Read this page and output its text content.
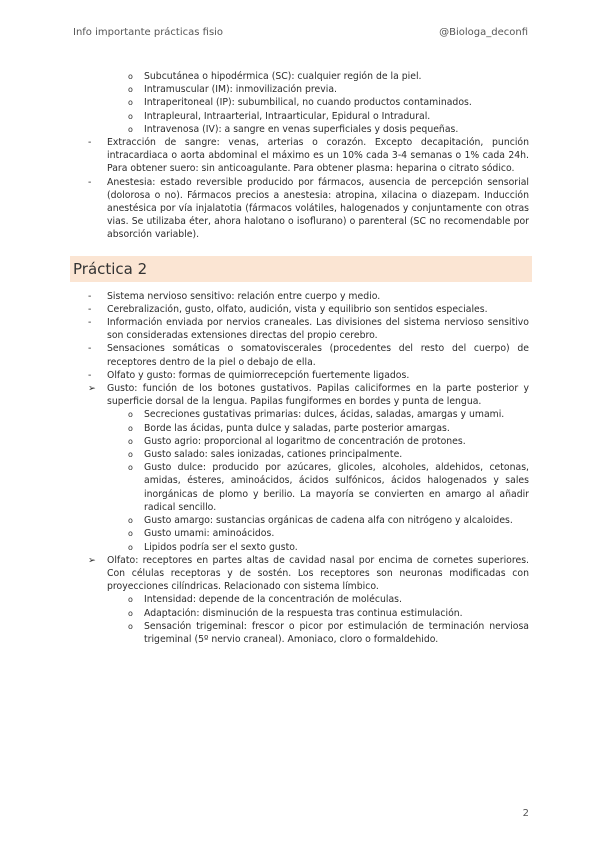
Info importante prácticas fisio	@Biologa_deconfi
o Subcutánea o hipodérmica (SC): cualquier región de la piel.
o Intramuscular (IM): inmovilización previa.
o Intraperitoneal (IP): subumbilical, no cuando productos contaminados.
o Intrapleural, Intraarterial, Intraarticular, Epidural o Intradural.
o Intravenosa (IV): a sangre en venas superficiales y dosis pequeñas.
- Extracción de sangre: venas, arterias o corazón. Excepto decapitación, punción intracardiaca o aorta abdominal el máximo es un 10% cada 3-4 semanas o 1% cada 24h. Para obtener suero: sin anticoagulante. Para obtener plasma: heparina o citrato sódico.
- Anestesia: estado reversible producido por fármacos, ausencia de percepción sensorial (dolorosa o no). Fármacos precios a anestesia: atropina, xilacina o diazepam. Inducción anestésica por vía injalatotia (fármacos volátiles, halogenados y conjuntamente con otras vias. Se utilizaba éter, ahora halotano o isoflurano) o parenteral (SC no recomendable por absorción variable).
Práctica 2
- Sistema nervioso sensitivo: relación entre cuerpo y medio.
- Cerebralización, gusto, olfato, audición, vista y equilibrio son sentidos especiales.
- Información enviada por nervios craneales. Las divisiones del sistema nervioso sensitivo son consideradas extensiones directas del propio cerebro.
- Sensaciones somáticas o somatoviscerales (procedentes del resto del cuerpo) de receptores dentro de la piel o debajo de ella.
- Olfato y gusto: formas de quimiorrecepción fuertemente ligados.
➢ Gusto: función de los botones gustativos. Papilas caliciformes en la parte posterior y superficie dorsal de la lengua. Papilas fungiformes en bordes y punta de lengua.
o Secreciones gustativas primarias: dulces, ácidas, saladas, amargas y umami.
o Borde las ácidas, punta dulce y saladas, parte posterior amargas.
o Gusto agrio: proporcional al logaritmo de concentración de protones.
o Gusto salado: sales ionizadas, cationes principalmente.
o Gusto dulce: producido por azúcares, glicoles, alcoholes, aldehidos, cetonas, amidas, ésteres, aminoácidos, ácidos sulfónicos, ácidos halogenados y sales inorgánicas de plomo y berilio. La mayoría se convierten en amargo al añadir radical sencillo.
o Gusto amargo: sustancias orgánicas de cadena alfa con nitrógeno y alcaloides.
o Gusto umami: aminoácidos.
o Lipidos podría ser el sexto gusto.
➢ Olfato: receptores en partes altas de cavidad nasal por encima de cornetes superiores. Con células receptoras y de sostén. Los receptores son neuronas modificadas con proyecciones cilíndricas. Relacionado con sistema límbico.
o Intensidad: depende de la concentración de moléculas.
o Adaptación: disminución de la respuesta tras continua estimulación.
o Sensación trigeminal: frescor o picor por estimulación de terminación nerviosa trigeminal (5º nervio craneal). Amoniaco, cloro o formaldehido.
2
